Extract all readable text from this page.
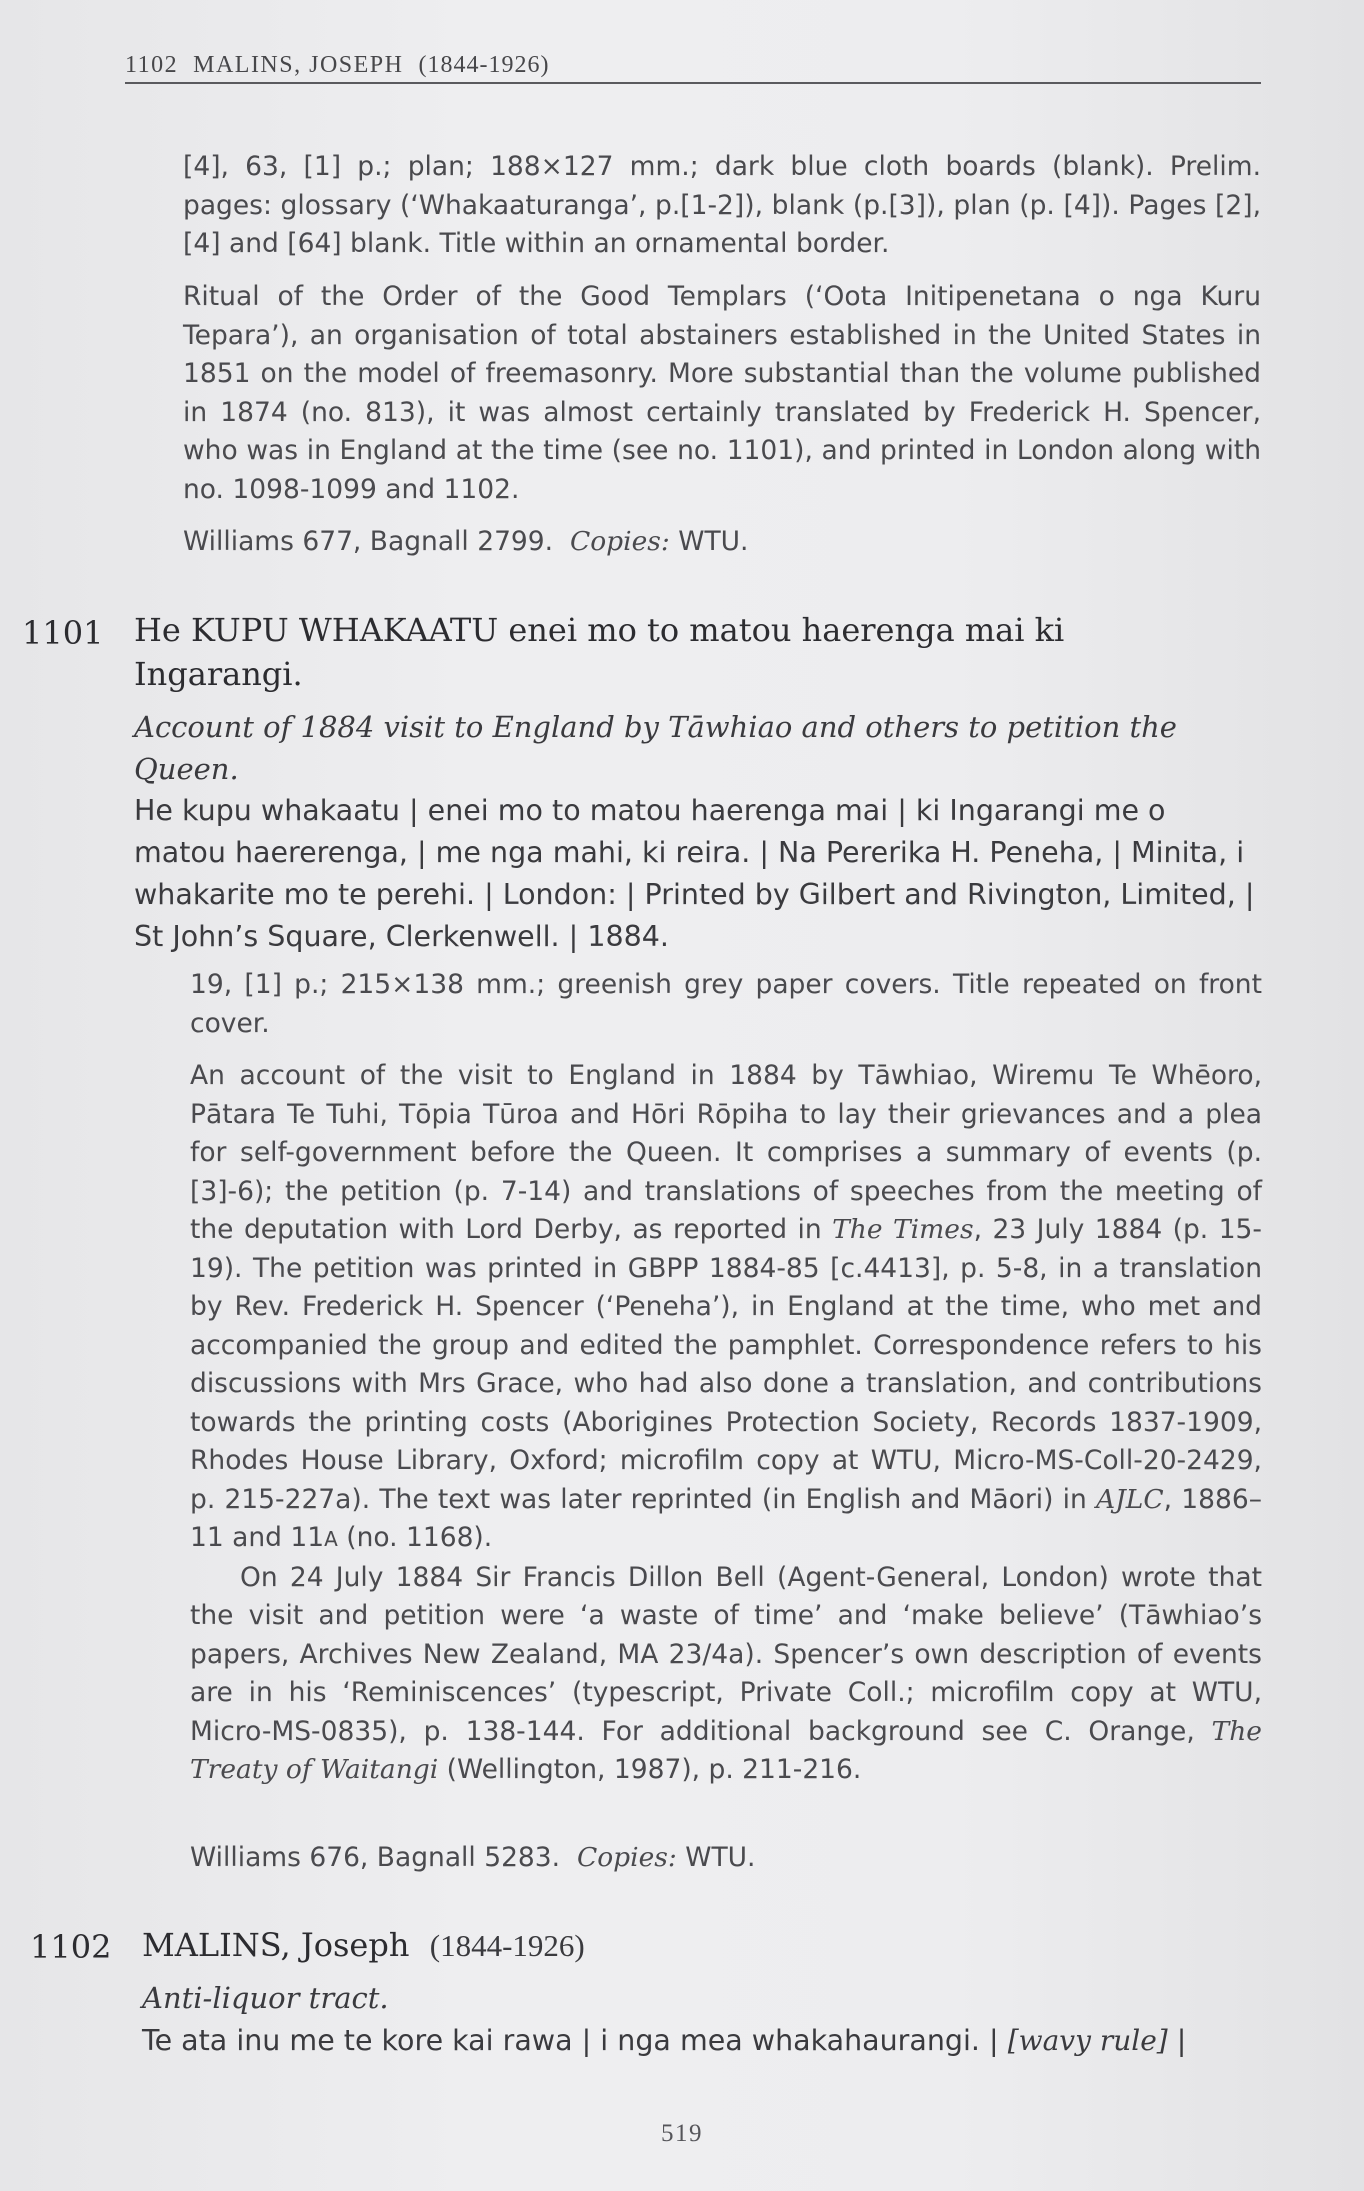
1102 MALINS, JOSEPH (1844-1926)

[4], 63, [1] p.; plan; 188×127 mm.; dark blue cloth boards (blank). Prelim. pages: glossary (‘Whakaaturanga’, p.[1-2]), blank (p.[3]), plan (p. [4]). Pages [2], [4] and [64] blank. Title within an ornamental border.

Ritual of the Order of the Good Templars (‘Oota Initipenetana o nga Kuru Tepara’), an organisation of total abstainers established in the United States in 1851 on the model of freemasonry. More substantial than the volume published in 1874 (no. 813), it was almost certainly translated by Frederick H. Spencer, who was in England at the time (see no. 1101), and printed in London along with no. 1098-1099 and 1102.

Williams 677, Bagnall 2799. Copies: WTU.

1101 He KUPU WHAKAATU enei mo to matou haerenga mai ki Ingarangi.
Account of 1884 visit to England by Tāwhiao and others to petition the Queen.
He kupu whakaatu | enei mo to matou haerenga mai | ki Ingarangi me o matou haererenga, | me nga mahi, ki reira. | Na Pererika H. Peneha, | Minita, i whakarite mo te perehi. | London: | Printed by Gilbert and Rivington, Limited, | St John’s Square, Clerkenwell. | 1884.

19, [1] p.; 215×138 mm.; greenish grey paper covers. Title repeated on front cover.

An account of the visit to England in 1884 by Tāwhiao, Wiremu Te Whēoro, Pātara Te Tuhi, Tōpia Tūroa and Hōri Rōpiha to lay their grievances and a plea for self-government before the Queen. It comprises a summary of events (p. [3]-6); the petition (p. 7-14) and translations of speeches from the meeting of the deputation with Lord Derby, as reported in The Times, 23 July 1884 (p. 15-19). The petition was printed in GBPP 1884-85 [c.4413], p. 5-8, in a translation by Rev. Frederick H. Spencer (‘Peneha’), in England at the time, who met and accompanied the group and edited the pamphlet. Correspondence refers to his discussions with Mrs Grace, who had also done a translation, and contributions towards the printing costs (Aborigines Protection Society, Records 1837-1909, Rhodes House Library, Oxford; microfilm copy at WTU, Micro-MS-Coll-20-2429, p. 215-227a). The text was later reprinted (in English and Māori) in AJLC, 1886–11 and 11A (no. 1168).

On 24 July 1884 Sir Francis Dillon Bell (Agent-General, London) wrote that the visit and petition were ‘a waste of time’ and ‘make believe’ (Tāwhiao’s papers, Archives New Zealand, MA 23/4a). Spencer’s own description of events are in his ‘Reminiscences’ (typescript, Private Coll.; microfilm copy at WTU, Micro-MS-0835), p. 138-144. For additional background see C. Orange, The Treaty of Waitangi (Wellington, 1987), p. 211-216.

Williams 676, Bagnall 5283. Copies: WTU.

1102 MALINS, Joseph (1844-1926)
Anti-liquor tract.
Te ata inu me te kore kai rawa | i nga mea whakahaurangi. | [wavy rule] |
519
